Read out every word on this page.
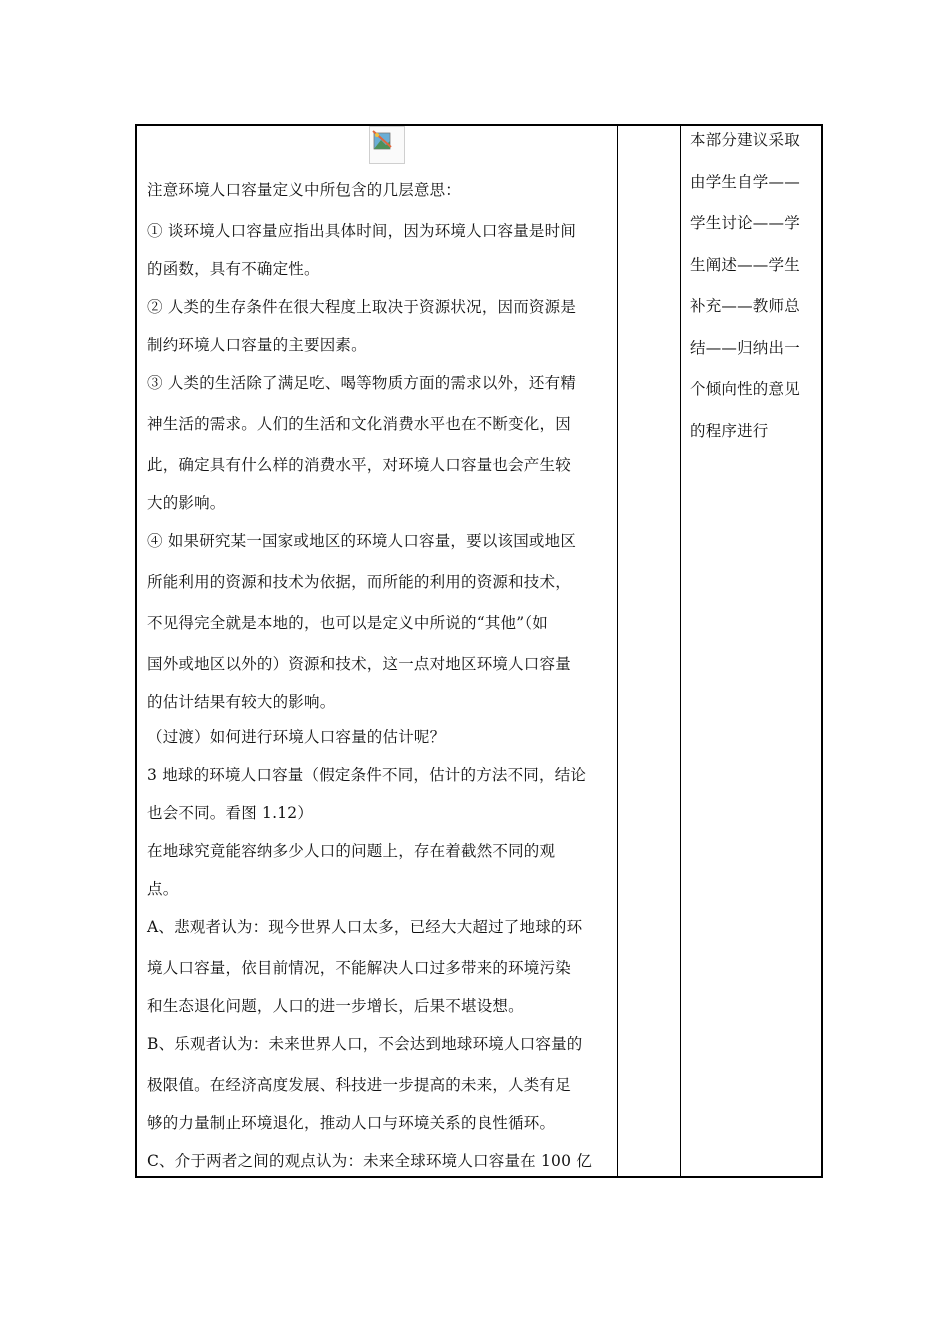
注意环境人口容量定义中所包含的几层意思：

① 谈环境人口容量应指出具体时间，因为环境人口容量是时间

的函数，具有不确定性。

② 人类的生存条件在很大程度上取决于资源状况，因而资源是

制约环境人口容量的主要因素。

③ 人类的生活除了满足吃、喝等物质方面的需求以外，还有精

神生活的需求。人们的生活和文化消费水平也在不断变化，因

此，确定具有什么样的消费水平，对环境人口容量也会产生较

大的影响。

④ 如果研究某一国家或地区的环境人口容量，要以该国或地区

所能利用的资源和技术为依据，而所能的利用的资源和技术，

不见得完全就是本地的，也可以是定义中所说的“其他”（如

国外或地区以外的）资源和技术，这一点对地区环境人口容量

的估计结果有较大的影响。

（过渡）如何进行环境人口容量的估计呢？

3 地球的环境人口容量（假定条件不同，估计的方法不同，结论

也会不同。看图 1.12）

在地球究竟能容纳多少人口的问题上，存在着截然不同的观

点。

A、悲观者认为：现今世界人口太多，已经大大超过了地球的环

境人口容量，依目前情况，不能解决人口过多带来的环境污染

和生态退化问题，人口的进一步增长，后果不堪设想。

B、乐观者认为：未来世界人口，不会达到地球环境人口容量的

极限值。在经济高度发展、科技进一步提高的未来，人类有足

够的力量制止环境退化，推动人口与环境关系的良性循环。

C、介于两者之间的观点认为：未来全球环境人口容量在 100 亿

本部分建议采取

由学生自学——

学生讨论——学

生阐述——学生

补充——教师总

结——归纳出一

个倾向性的意见

的程序进行
